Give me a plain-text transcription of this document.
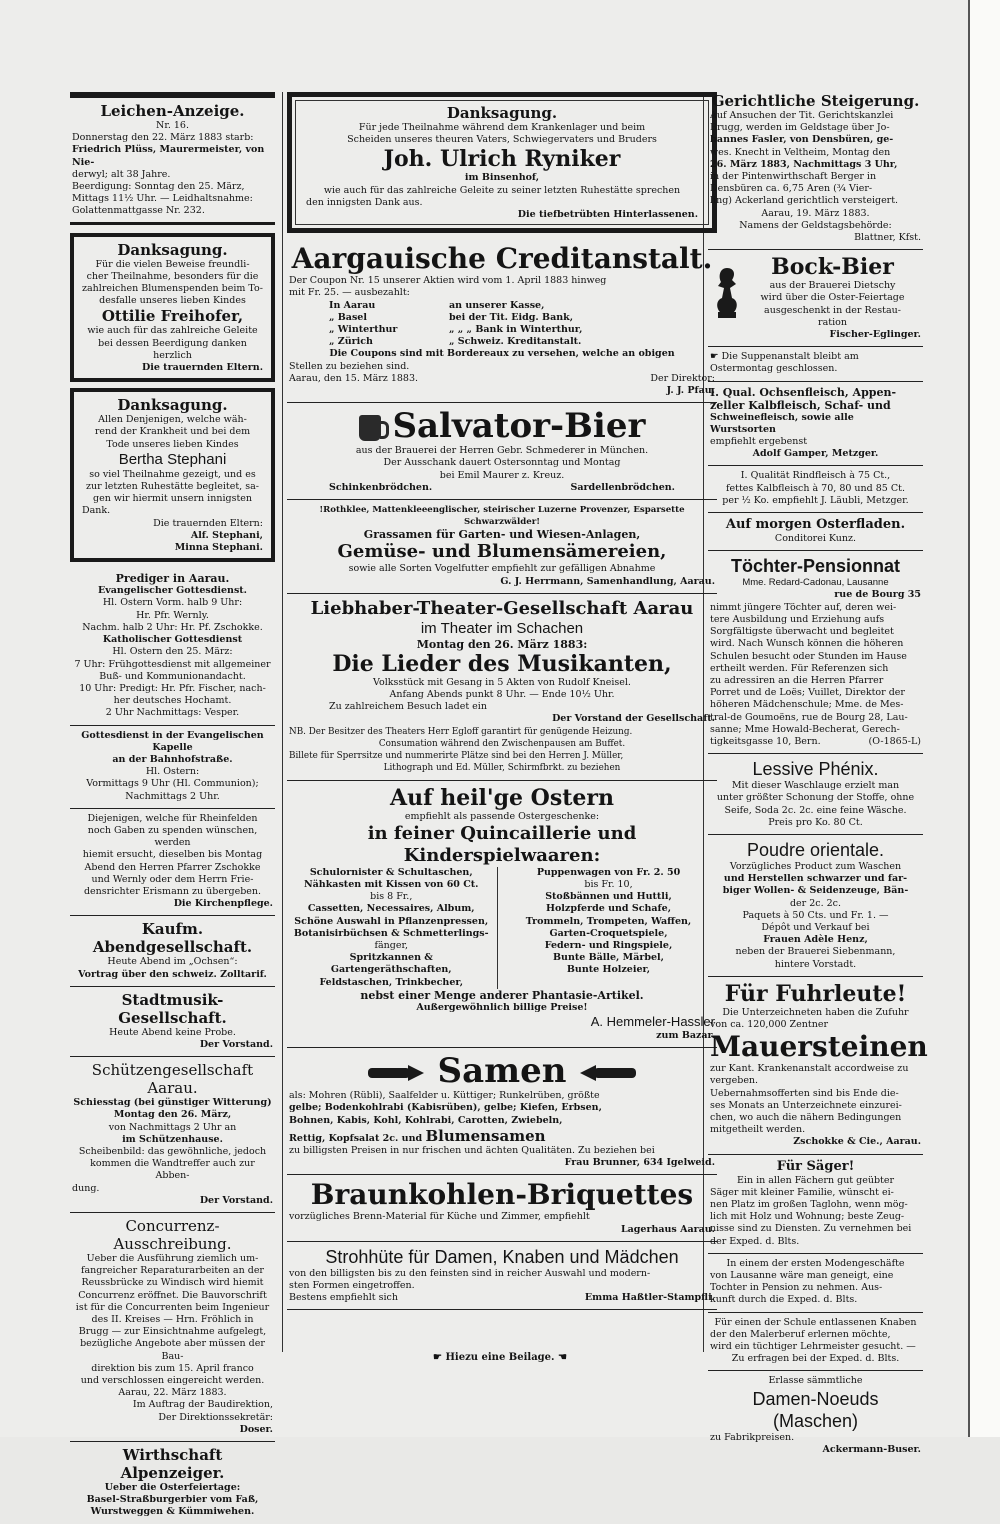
Leichen-Anzeige.
Nr. 16.
Donnerstag den 22. März 1883 starb:
Friedrich Plüss, Maurermeister, von Nie-
derwyl; alt 38 Jahre.
Beerdigung: Sonntag den 25. März,
Mittags 11½ Uhr. — Leidhaltsnahme:
Golattenmattgasse Nr. 232.
Danksagung.
Für die vielen Beweise freundli-
cher Theilnahme, besonders für die
zahlreichen Blumenspenden beim To-
desfalle unseres lieben Kindes
Ottilie Freihofer,
wie auch für das zahlreiche Geleite
bei dessen Beerdigung danken herzlich
Die trauernden Eltern.
Danksagung.
Allen Denjenigen, welche wäh-
rend der Krankheit und bei dem
Tode unseres lieben Kindes
Bertha Stephani
so viel Theilnahme gezeigt, und es
zur letzten Ruhestätte begleitet, sa-
gen wir hiermit unsern innigsten
Dank.
Die trauernden Eltern:
Alf. Stephani,
Minna Stephani.
Prediger in Aarau.
Evangelischer Gottesdienst.
Hl. Ostern Vorm. halb 9 Uhr:
Hr. Pfr. Wernly.
Nachm. halb 2 Uhr: Hr. Pf. Zschokke.
Katholischer Gottesdienst
Hl. Ostern den 25. März:
7 Uhr: Frühgottesdienst mit allgemeiner
Buß- und Kommunionandacht.
10 Uhr: Predigt: Hr. Pfr. Fischer, nach-
her deutsches Hochamt.
2 Uhr Nachmittags: Vesper.
Gottesdienst in der Evangelischen Kapelle
an der Bahnhofstraße.
Hl. Ostern:
Vormittags 9 Uhr (Hl. Communion);
Nachmittags 2 Uhr.
Diejenigen, welche für Rheinfelden
noch Gaben zu spenden wünschen, werden
hiemit ersucht, dieselben bis Montag
Abend den Herren Pfarrer Zschokke
und Wernly oder dem Herrn Frie-
densrichter Erismann zu übergeben.
Die Kirchenpflege.
Kaufm. Abendgesellschaft.
Heute Abend im „Ochsen“:
Vortrag über den schweiz. Zolltarif.
Stadtmusik-Gesellschaft.
Heute Abend keine Probe.
Der Vorstand.
Schützengesellschaft Aarau.
Schiesstag (bei günstiger Witterung)
Montag den 26. März,
von Nachmittags 2 Uhr an
im Schützenhause.
Scheibenbild: das gewöhnliche, jedoch
kommen die Wandtreffer auch zur Abben-
dung.
Der Vorstand.
Concurrenz-Ausschreibung.
Ueber die Ausführung ziemlich um-
fangreicher Reparaturarbeiten an der
Reussbrücke zu Windisch wird hiemit
Concurrenz eröffnet. Die Bauvorschrift
ist für die Concurrenten beim Ingenieur
des II. Kreises — Hrn. Fröhlich in
Brugg — zur Einsichtnahme aufgelegt,
bezügliche Angebote aber müssen der Bau-
direktion bis zum 15. April franco
und verschlossen eingereicht werden.
Aarau, 22. März 1883.
Im Auftrag der Baudirektion,
Der Direktionssekretär:
Doser.
Wirthschaft Alpenzeiger.
Ueber die Osterfeiertage:
Basel-Straßburgerbier vom Faß,
Wurstweggen & Kümmiwehen.
Danksagung.
Für jede Theilnahme während dem Krankenlager und beim
Scheiden unseres theuren Vaters, Schwiegervaters und Bruders
Joh. Ulrich Ryniker
im Binsenhof,
wie auch für das zahlreiche Geleite zu seiner letzten Ruhestätte sprechen
den innigsten Dank aus.
Die tiefbetrübten Hinterlassenen.
Aargauische Creditanstalt.
Der Coupon Nr. 15 unserer Aktien wird vom 1. April 1883 hinweg
mit Fr. 25. — ausbezahlt:
In Aarau	an unserer Kasse,
„ Basel	bei der Tit. Eidg. Bank,
„ Winterthur	„ „ „ Bank in Winterthur,
„ Zürich	„ Schweiz. Kreditanstalt.
Die Coupons sind mit Bordereaux zu versehen, welche an obigen
Stellen zu beziehen sind.
Aarau, den 15. März 1883.	Der Direktor:
J. J. Pfau.
Salvator-Bier
aus der Brauerei der Herren Gebr. Schmederer in München.
Der Ausschank dauert Ostersonntag und Montag
bei Emil Maurer z. Kreuz.
Schinkenbrödchen.	Sardellenbrödchen.
!Rothklee, Mattenkleeenglischer, steirischer Luzerne Provenzer, Esparsette Schwarzwälder!
Grassamen für Garten- und Wiesen-Anlagen,
Gemüse- und Blumensämereien,
sowie alle Sorten Vogelfutter empfiehlt zur gefälligen Abnahme
G. J. Herrmann, Samenhandlung, Aarau.
Liebhaber-Theater-Gesellschaft Aarau
im Theater im Schachen
Montag den 26. März 1883:
Die Lieder des Musikanten,
Volksstück mit Gesang in 5 Akten von Rudolf Kneisel.
Anfang Abends punkt 8 Uhr. — Ende 10½ Uhr.
Zu zahlreichem Besuch ladet ein
Der Vorstand der Gesellschaft.
NB. Der Besitzer des Theaters Herr Egloff garantirt für genügende Heizung.
Consumation während den Zwischenpausen am Buffet.
Billete für Sperrsitze und nummerirte Plätze sind bei den Herren J. Müller,
Lithograph und Ed. Müller, Schirmfbrkt. zu beziehen
Auf heil'ge Ostern
empfiehlt als passende Ostergeschenke:
in feiner Quincaillerie und Kinderspielwaaren:
Schulornister & Schultaschen,
Nähkasten mit Kissen von 60 Ct.
bis 8 Fr.,
Cassetten, Necessaires, Album,
Schöne Auswahl in Pflanzenpressen,
Botanisirbüchsen & Schmetterlings-
fänger,
Spritzkannen & Gartengeräthschaften,
Feldstaschen, Trinkbecher,
Puppenwagen von Fr. 2. 50
bis Fr. 10,
Stoßbännen und Huttli,
Holzpferde und Schafe,
Trommeln, Trompeten, Waffen,
Garten-Croquetspiele,
Federn- und Ringspiele,
Bunte Bälle, Märbel,
Bunte Holzeier,
nebst einer Menge anderer Phantasie-Artikel.
Außergewöhnlich billige Preise!
A. Hemmeler-Hassler
zum Bazar.
Samen
als: Mohren (Rübli), Saalfelder u. Küttiger; Runkelrüben, größte
gelbe; Bodenkohlrabi (Kabisrüben), gelbe; Kiefen, Erbsen,
Bohnen, Kabis, Kohl, Kohlrabi, Carotten, Zwiebeln,
Rettig, Kopfsalat 2c. und Blumensamen
zu billigsten Preisen in nur frischen und ächten Qualitäten. Zu beziehen bei
Frau Brunner, 634 Igelweid.
Braunkohlen-Briquettes
vorzügliches Brenn-Material für Küche und Zimmer, empfiehlt
Lagerhaus Aarau.
Strohhüte für Damen, Knaben und Mädchen
von den billigsten bis zu den feinsten sind in reicher Auswahl und modern-
sten Formen eingetroffen.
Bestens empfiehlt sich	Emma Haßtler-Stampfli.
☛ Hiezu eine Beilage. ☚
Gerichtliche Steigerung.
Auf Ansuchen der Tit. Gerichtskanzlei
Brugg, werden im Geldstage über Jo-
hannes Fasler, von Densbüren, ge-
wes. Knecht in Veltheim, Montag den
26. März 1883, Nachmittags 3 Uhr,
in der Pintenwirthschaft Berger in
Densbüren ca. 6,75 Aren (¾ Vier-
ling) Ackerland gerichtlich versteigert.
Aarau, 19. März 1883.
Namens der Geldstagsbehörde:
Blattner, Kfst.
Bock-Bier
aus der Brauerei Dietschy
wird über die Oster-Feiertage
ausgeschenkt in der Restau-
ration
Fischer-Eglinger.
☛ Die Suppenanstalt bleibt am
Ostermontag geschlossen.
I. Qual. Ochsenfleisch, Appen-
zeller Kalbfleisch, Schaf- und
Schweinefleisch, sowie alle Wurstsorten
empfiehlt ergebenst
Adolf Gamper, Metzger.
I. Qualität Rindfleisch à 75 Ct.,
fettes Kalbfleisch à 70, 80 und 85 Ct.
per ½ Ko. empfiehlt J. Läubli, Metzger.
Auf morgen Osterfladen.
Conditorei Kunz.
Töchter-Pensionnat
Mme. Redard-Cadonau, Lausanne
rue de Bourg 35
nimmt jüngere Töchter auf, deren wei-
tere Ausbildung und Erziehung aufs
Sorgfältigste überwacht und begleitet
wird. Nach Wunsch können die höheren
Schulen besucht oder Stunden im Hause
ertheilt werden. Für Referenzen sich
zu adressiren an die Herren Pfarrer
Porret und de Loës; Vuillet, Direktor der
höheren Mädchenschule; Mme. de Mes-
tral-de Goumoëns, rue de Bourg 28, Lau-
sanne; Mme Howald-Becherat, Gerech-
tigkeitsgasse 10, Bern.	(O-1865-L)
Lessive Phénix.
Mit dieser Waschlauge erzielt man
unter größter Schonung der Stoffe, ohne
Seife, Soda 2c. 2c. eine feine Wäsche.
Preis pro Ko. 80 Ct.
Poudre orientale.
Vorzügliches Product zum Waschen
und Herstellen schwarzer und far-
biger Wollen- & Seidenzeuge, Bän-
der 2c. 2c.
Paquets à 50 Cts. und Fr. 1. —
Dépôt und Verkauf bei
Frauen Adèle Henz,
neben der Brauerei Siebenmann,
hintere Vorstadt.
Für Fuhrleute!
Die Unterzeichneten haben die Zufuhr
von ca. 120,000 Zentner
Mauersteinen
zur Kant. Krankenanstalt accordweise zu
vergeben.
Uebernahmsofferten sind bis Ende die-
ses Monats an Unterzeichnete einzurei-
chen, wo auch die nähern Bedingungen
mitgetheilt werden.
Zschokke & Cie., Aarau.
Für Säger!
Ein in allen Fächern gut geübter
Säger mit kleiner Familie, wünscht ei-
nen Platz im großen Taglohn, wenn mög-
lich mit Holz und Wohnung; beste Zeug-
nisse sind zu Diensten. Zu vernehmen bei
der Exped. d. Blts.
In einem der ersten Modengeschäfte
von Lausanne wäre man geneigt, eine
Tochter in Pension zu nehmen. Aus-
kunft durch die Exped. d. Blts.
Für einen der Schule entlassenen Knaben
der den Malerberuf erlernen möchte,
wird ein tüchtiger Lehrmeister gesucht. —
Zu erfragen bei der Exped. d. Blts.
Erlasse sämmtliche
Damen-Noeuds (Maschen)
zu Fabrikpreisen.
Ackermann-Buser.
